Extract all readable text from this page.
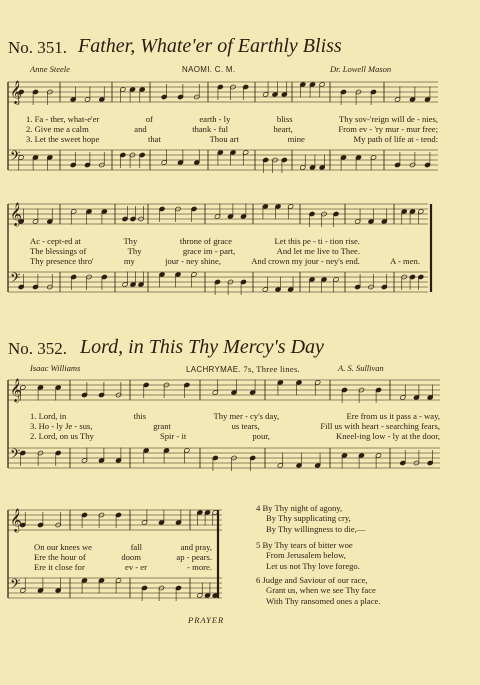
𝄞
𝄢
𝄞
𝄢
𝄞
𝄢
𝄞
𝄢
No. 351. Father, Whate'er of Earthly Bliss
Anne Steele	NAOMI. C. M.	Dr. Lowell Mason
1. Fa - ther, what-e'er	of	earth - ly	bliss	Thy sov-'reign will de - nies,
2. Give me a calm	and	thank - ful	heart,	From ev - 'ry mur - mur free;
3. Let the sweet hope	that	Thou art	mine	My path of life at - tend:
Ac - cept-ed at	Thy	throne of grace	Let this pe - ti - tion rise.
The blessings of	Thy	grace im - part,	And let me live to Thee.
Thy presence thro'	my	jour - ney shine,	And crown my jour - ney's end.	A - men.
No. 352. Lord, in This Thy Mercy's Day
Isaac Williams	LACHRYMAE. 7s, Three lines.	A. S. Sullivan
1. Lord, in	this	Thy mer - cy's day,	Ere from us it pass a - way,
3. Ho - ly Je - sus,	grant	us tears,	Fill us with heart - searching fears,
2. Lord, on us Thy	Spir - it	pour,	Kneel-ing low - ly at the door,
On our knees we	fall	and pray,
Ere the hour of	doom	ap - pears.
Ere it close for	ev - er	- more.
4 By Thy night of agony,
By Thy supplicating cry,
By Thy willingness to die,—
5 By Thy tears of bitter woe
From Jerusalem below,
Let us not Thy love forego.
6 Judge and Saviour of our race,
Grant us, when we see Thy face
With Thy ransomed ones a place.
PRAYER
